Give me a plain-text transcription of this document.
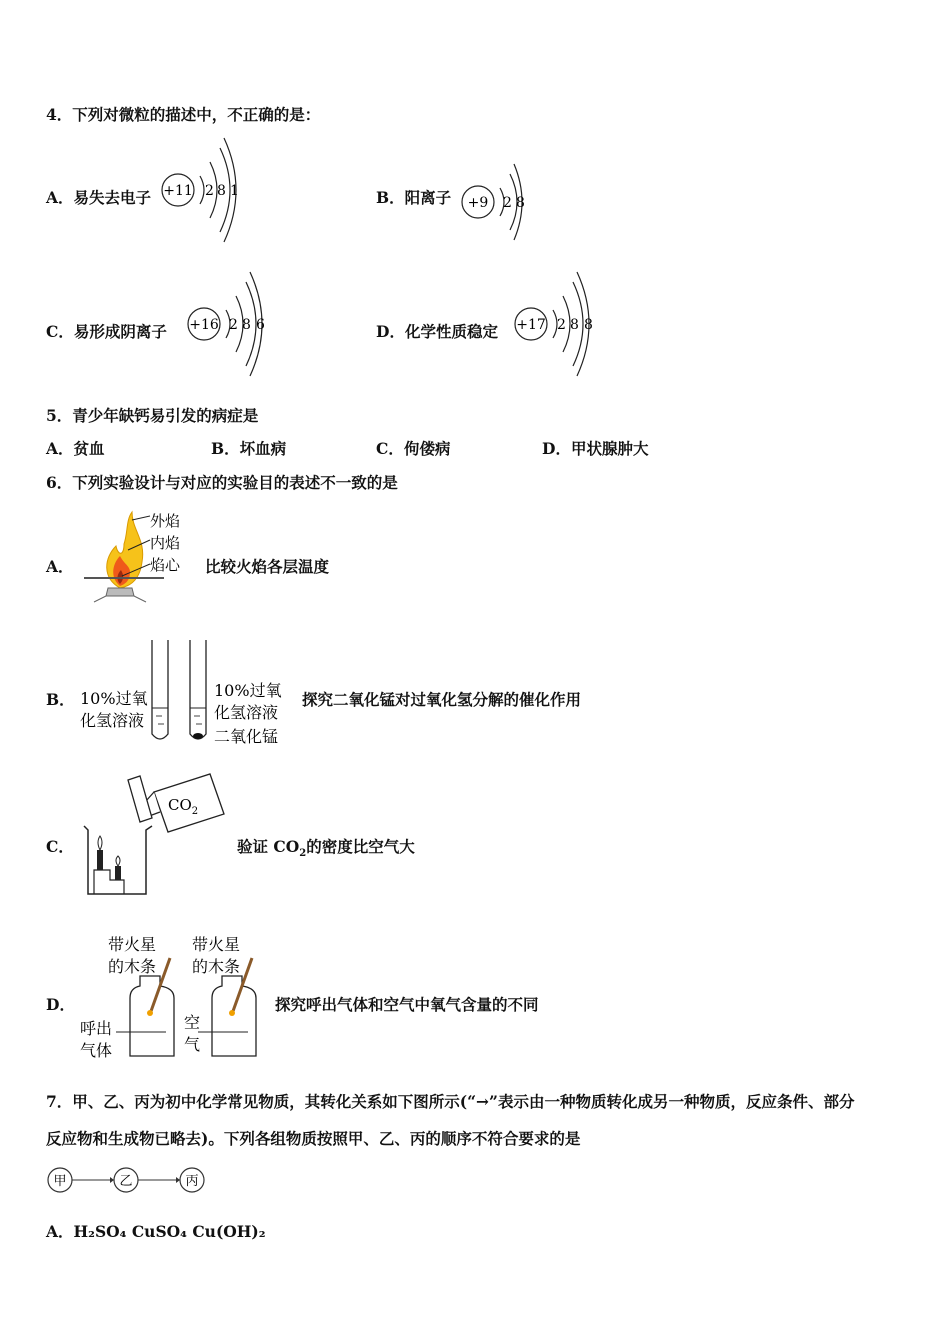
4．下列对微粒的描述中，不正确的是：
A．易失去电子 +11 2 8 1	B．阳离子 +9 2 8
C．易形成阴离子 +16 2 8 6	D．化学性质稳定 +17 2 8 8
5．青少年缺钙易引发的病症是
A．贫血	B．坏血病	C．佝偻病	D．甲状腺肿大
6．下列实验设计与对应的实验目的表述不一致的是
A．
外焰
内焰
焰心 比较火焰各层温度
B． 10%过氧
化氢溶液
10%过氧
化氢溶液
二氧化锰
探究二氧化锰对过氧化氢分解的催化作用
C．
$CO_2$
验证 $CO_2$的密度比空气大
D．
带火星
的木条
带火星
的木条
呼出
气体
空
气
探究呼出气体和空气中氧气含量的不同
7．甲、乙、丙为初中化学常见物质，其转化关系如下图所示(“→”表示由一种物质转化成另一种物质，反应条件、部分
反应物和生成物已略去)。下列各组物质按照甲、乙、丙的顺序不符合要求的是
甲	乙	丙
A．H₂SO₄ CuSO₄ Cu(OH)₂
